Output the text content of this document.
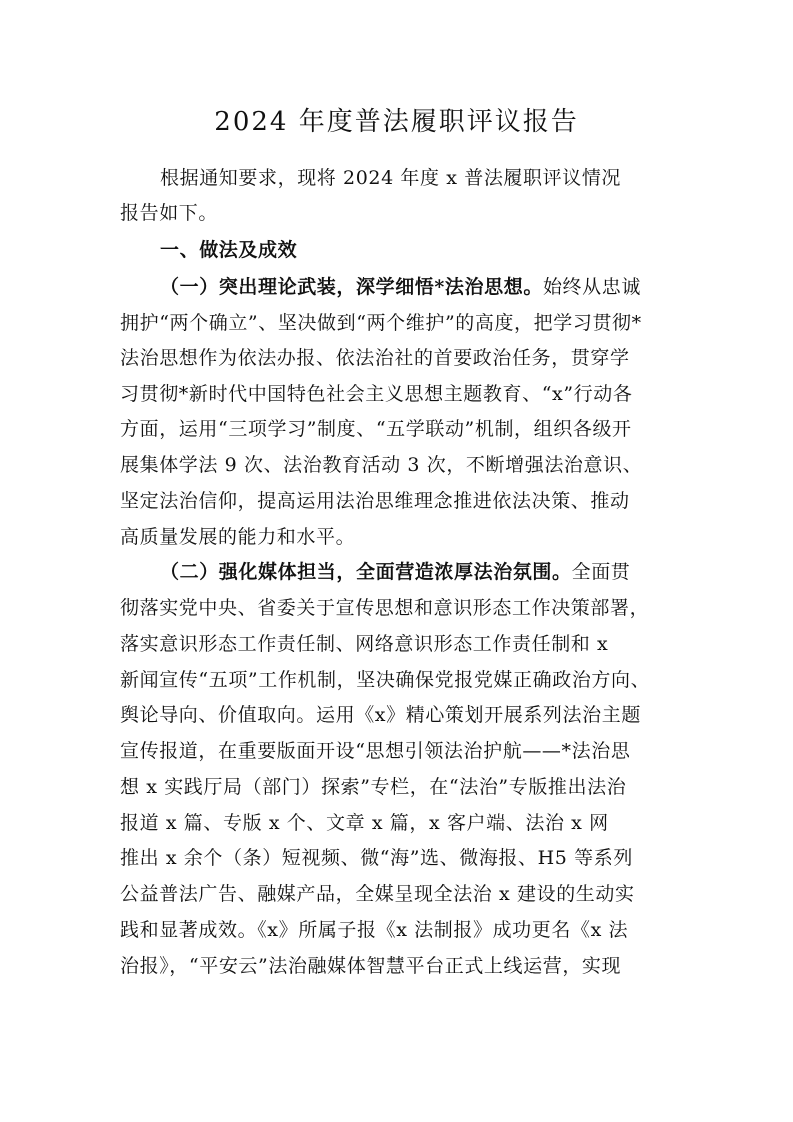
2024 年度普法履职评议报告
根据通知要求，现将 2024 年度 x 普法履职评议情况
报告如下。
一、做法及成效
（一）突出理论武装，深学细悟*法治思想。始终从忠诚
拥护“两个确立”、坚决做到“两个维护”的高度，把学习贯彻*
法治思想作为依法办报、依法治社的首要政治任务，贯穿学
习贯彻*新时代中国特色社会主义思想主题教育、“x”行动各
方面，运用“三项学习”制度、“五学联动”机制，组织各级开
展集体学法 9 次、法治教育活动 3 次，不断增强法治意识、
坚定法治信仰，提高运用法治思维理念推进依法决策、推动
高质量发展的能力和水平。
（二）强化媒体担当，全面营造浓厚法治氛围。全面贯
彻落实党中央、省委关于宣传思想和意识形态工作决策部署，
落实意识形态工作责任制、网络意识形态工作责任制和 x
新闻宣传“五项”工作机制，坚决确保党报党媒正确政治方向、
舆论导向、价值取向。运用《x》精心策划开展系列法治主题
宣传报道，在重要版面开设“思想引领法治护航——*法治思
想 x 实践厅局（部门）探索”专栏，在“法治”专版推出法治
报道 x 篇、专版 x 个、文章 x 篇，x 客户端、法治 x 网
推出 x 余个（条）短视频、微“海”选、微海报、H5 等系列
公益普法广告、融媒产品，全媒呈现全法治 x 建设的生动实
践和显著成效。《x》所属子报《x 法制报》成功更名《x 法
治报》，“平安云”法治融媒体智慧平台正式上线运营，实现
